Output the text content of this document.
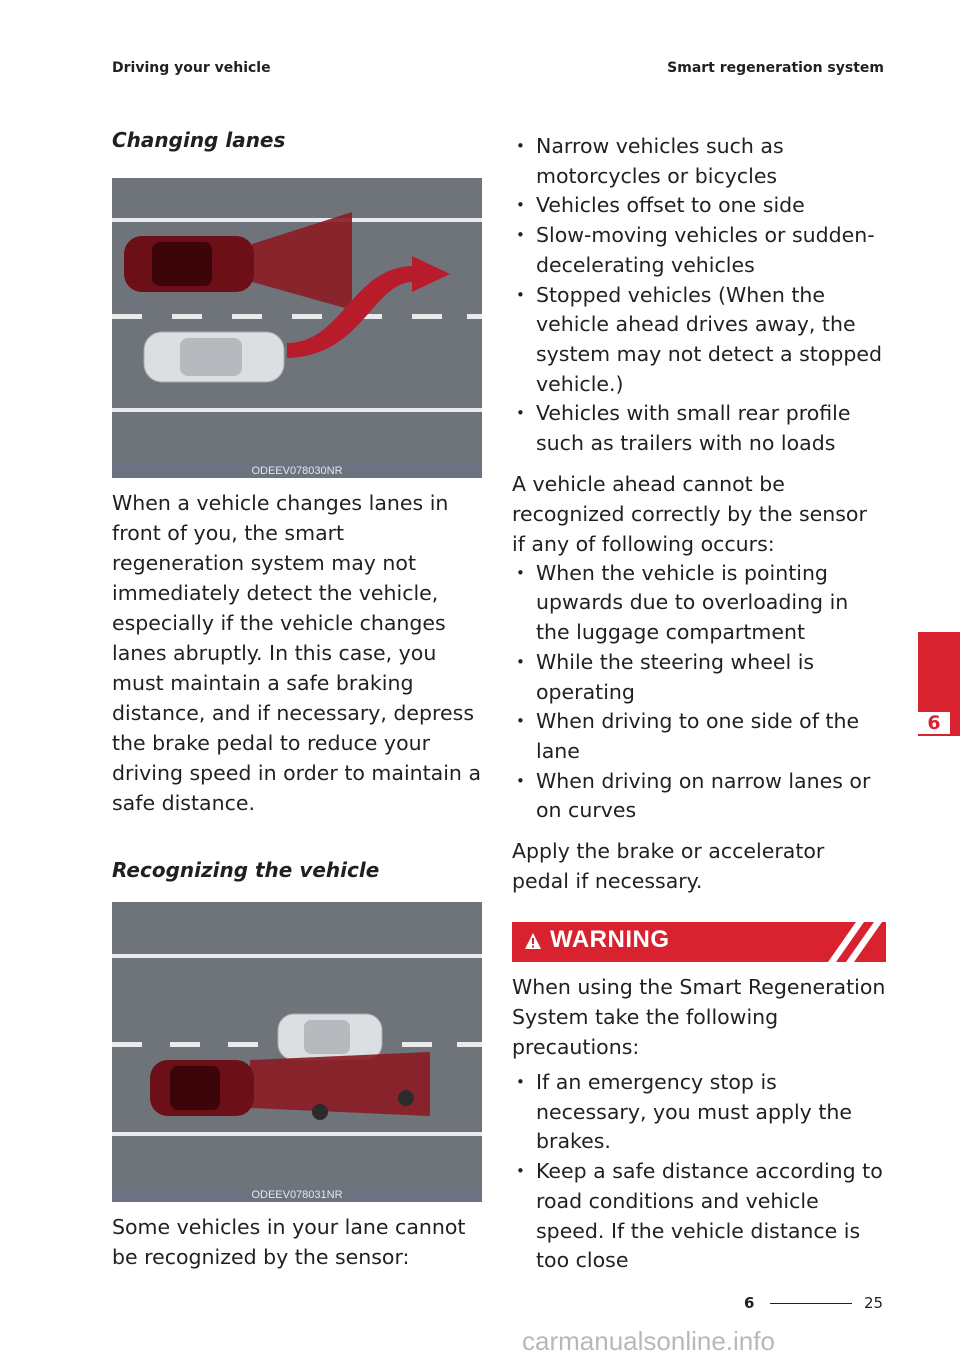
Driving your vehicle	Smart regeneration system
Changing lanes
ODEEV078030NR

When a vehicle changes lanes in front of you, the smart regeneration system may not immediately detect the vehicle, especially if the vehicle changes lanes abruptly. In this case, you must maintain a safe braking distance, and if necessary, depress the brake pedal to reduce your driving speed in order to maintain a safe distance.

Recognizing the vehicle
ODEEV078031NR

Some vehicles in your lane cannot be recognized by the sensor:

• Narrow vehicles such as motorcycles or bicycles
• Vehicles offset to one side
• Slow-moving vehicles or sudden-decelerating vehicles
• Stopped vehicles (When the vehicle ahead drives away, the system may not detect a stopped vehicle.)
• Vehicles with small rear profile such as trailers with no loads

A vehicle ahead cannot be recognized correctly by the sensor if any of following occurs:

• When the vehicle is pointing upwards due to overloading in the luggage compartment
• While the steering wheel is operating
• When driving to one side of the lane
• When driving on narrow lanes or on curves

Apply the brake or accelerator pedal if necessary.

WARNING

When using the Smart Regeneration System take the following precautions:

• If an emergency stop is necessary, you must apply the brakes.
• Keep a safe distance according to road conditions and vehicle speed. If the vehicle distance is too close
6
6	25
carmanualsonline.info
